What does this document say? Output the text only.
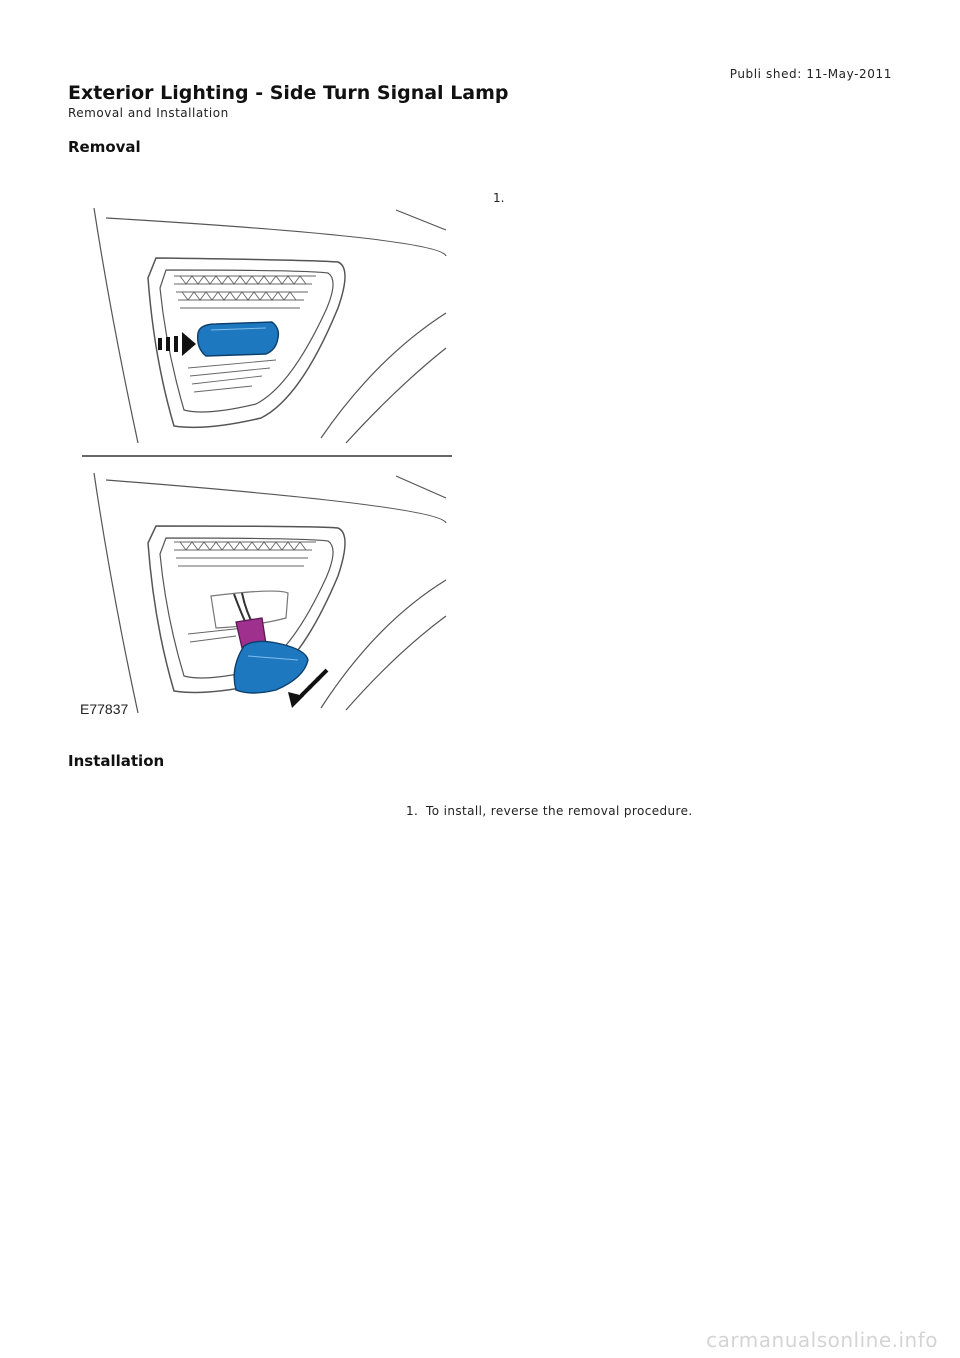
Publi shed: 11-May-2011
Exterior Lighting - Side Turn Signal Lamp
Removal and Installation
Removal
1.
E77837
Installation
1. To install, reverse the removal procedure.
carmanualsonline.info
